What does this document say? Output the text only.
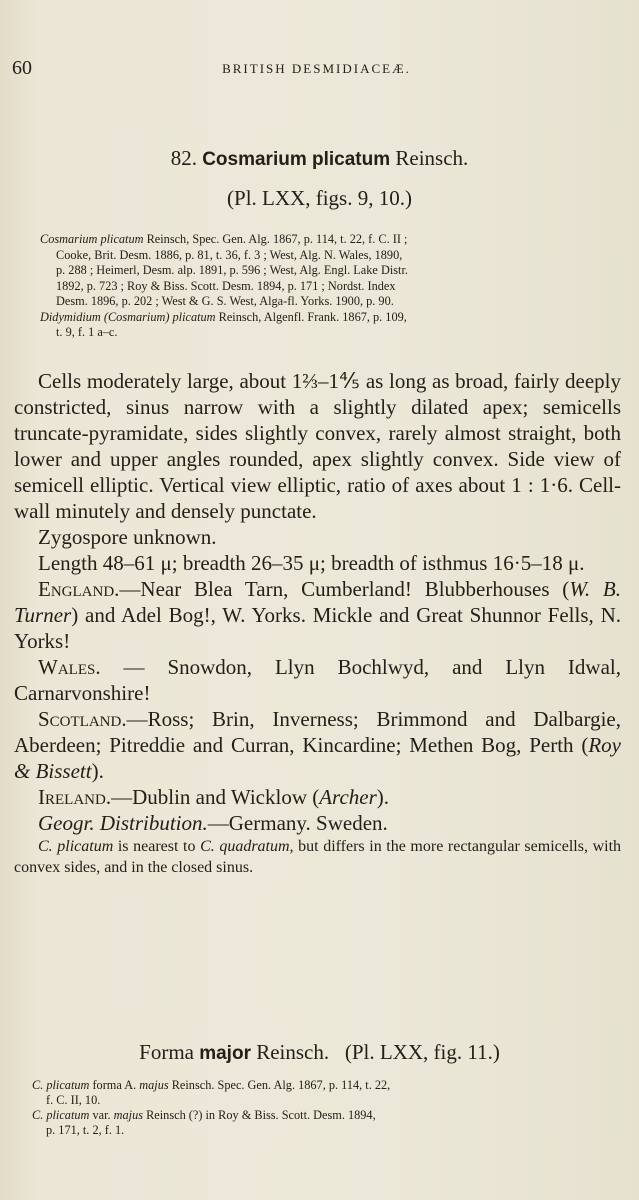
60	BRITISH DESMIDIACEÆ.
82. Cosmarium plicatum Reinsch.
(Pl. LXX, figs. 9, 10.)
Cosmarium plicatum Reinsch, Spec. Gen. Alg. 1867, p. 114, t. 22, f. C. II ;
Cooke, Brit. Desm. 1886, p. 81, t. 36, f. 3 ; West, Alg. N. Wales, 1890,
p. 288 ; Heimerl, Desm. alp. 1891, p. 596 ; West, Alg. Engl. Lake Distr.
1892, p. 723 ; Roy & Biss. Scott. Desm. 1894, p. 171 ; Nordst. Index
Desm. 1896, p. 202 ; West & G. S. West, Alga-fl. Yorks. 1900, p. 90.
Didymidium (Cosmarium) plicatum Reinsch, Algenfl. Frank. 1867, p. 109,
t. 9, f. 1 a–c.

Cells moderately large, about 1⅔–1⅘ as long as broad, fairly deeply constricted, sinus narrow with a slightly dilated apex; semicells truncate-pyramidate, sides slightly convex, rarely almost straight, both lower and upper angles rounded, apex slightly convex. Side view of semicell elliptic. Vertical view elliptic, ratio of axes about 1 : 1·6. Cell-wall minutely and densely punctate.

Zygospore unknown.

Length 48–61 μ; breadth 26–35 μ; breadth of isthmus 16·5–18 μ.

England.—Near Blea Tarn, Cumberland! Blubberhouses (W. B. Turner) and Adel Bog!, W. Yorks. Mickle and Great Shunnor Fells, N. Yorks!

Wales. — Snowdon, Llyn Bochlwyd, and Llyn Idwal, Carnarvonshire!

Scotland.—Ross; Brin, Inverness; Brimmond and Dalbargie, Aberdeen; Pitreddie and Curran, Kincardine; Methen Bog, Perth (Roy & Bissett).

Ireland.—Dublin and Wicklow (Archer).

Geogr. Distribution.—Germany. Sweden.

C. plicatum is nearest to C. quadratum, but differs in the more rectangular semicells, with convex sides, and in the closed sinus.

Forma major Reinsch. (Pl. LXX, fig. 11.)
C. plicatum forma A. majus Reinsch. Spec. Gen. Alg. 1867, p. 114, t. 22,
f. C. II, 10.
C. plicatum var. majus Reinsch (?) in Roy & Biss. Scott. Desm. 1894,
p. 171, t. 2, f. 1.
